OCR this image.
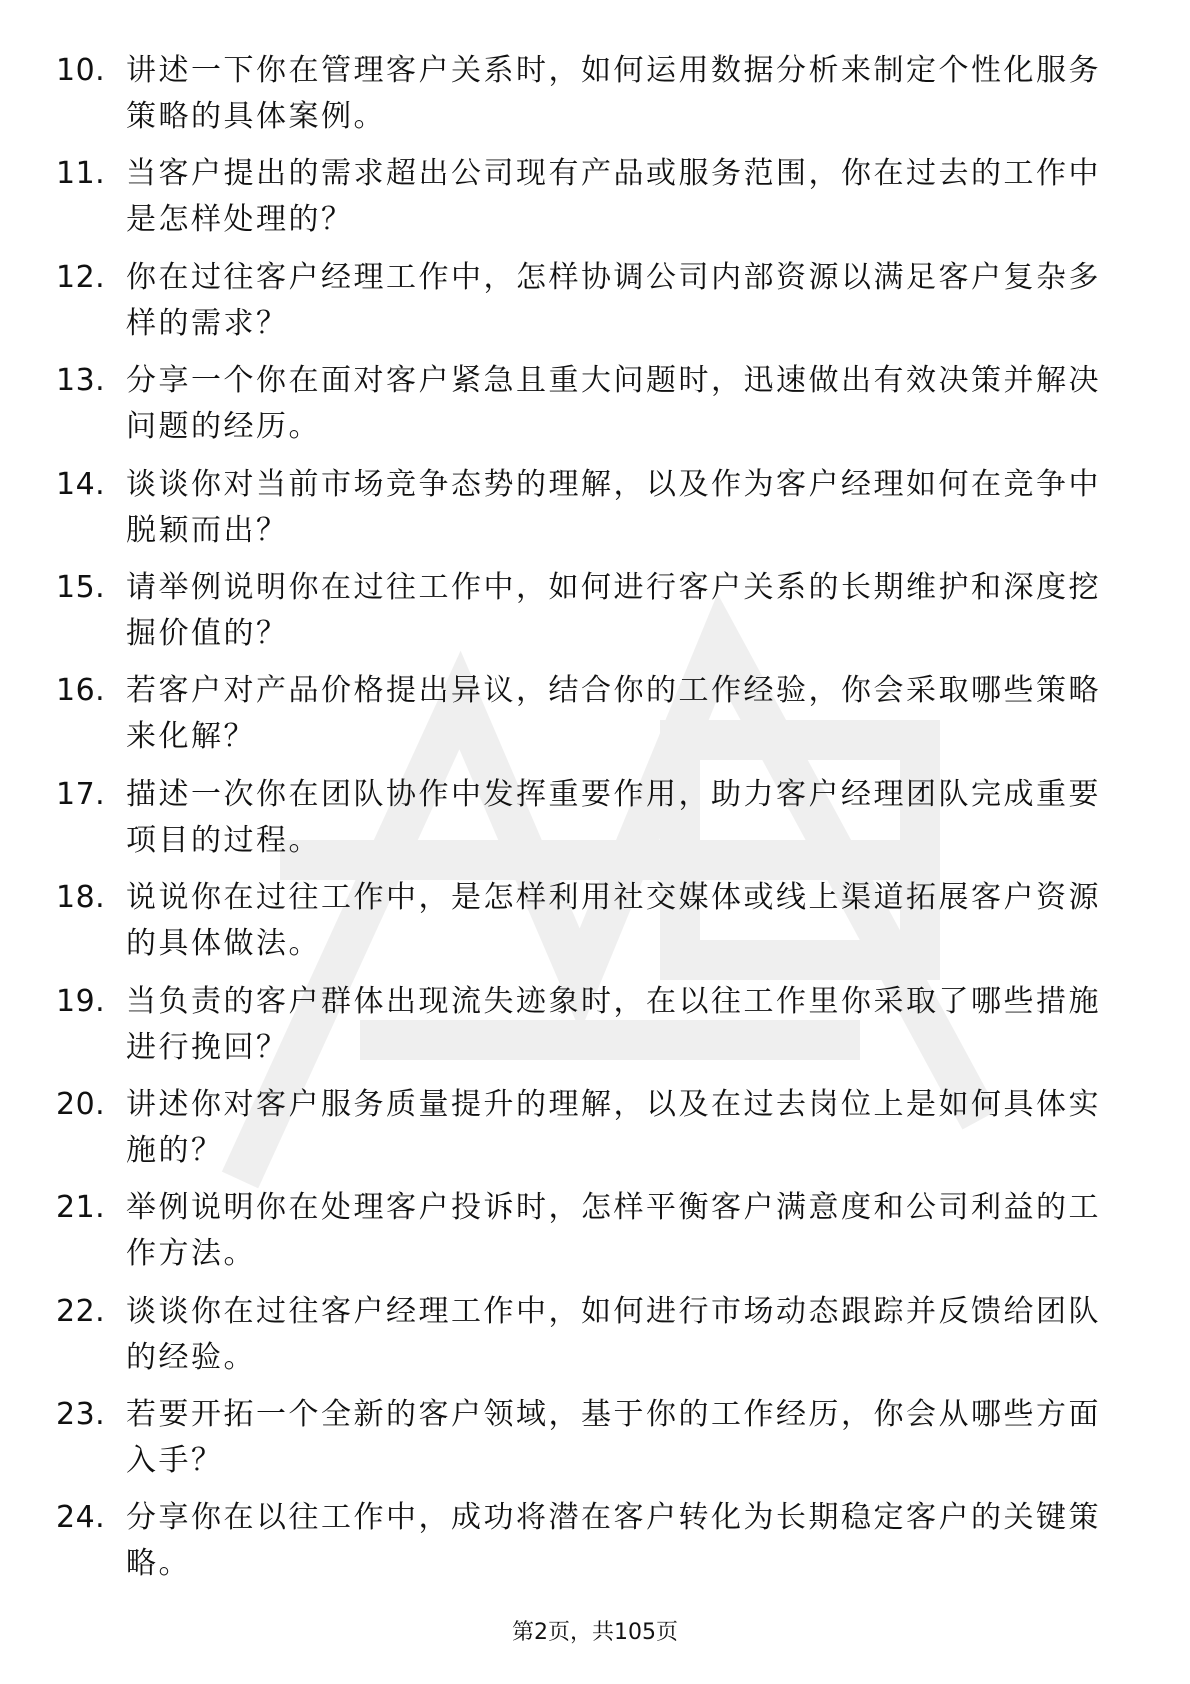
10. 讲述一下你在管理客户关系时，如何运用数据分析来制定个性化服务策略的具体案例。
11. 当客户提出的需求超出公司现有产品或服务范围，你在过去的工作中是怎样处理的？
12. 你在过往客户经理工作中，怎样协调公司内部资源以满足客户复杂多样的需求？
13. 分享一个你在面对客户紧急且重大问题时，迅速做出有效决策并解决问题的经历。
14. 谈谈你对当前市场竞争态势的理解，以及作为客户经理如何在竞争中脱颖而出？
15. 请举例说明你在过往工作中，如何进行客户关系的长期维护和深度挖掘价值的？
16. 若客户对产品价格提出异议，结合你的工作经验，你会采取哪些策略来化解？
17. 描述一次你在团队协作中发挥重要作用，助力客户经理团队完成重要项目的过程。
18. 说说你在过往工作中，是怎样利用社交媒体或线上渠道拓展客户资源的具体做法。
19. 当负责的客户群体出现流失迹象时，在以往工作里你采取了哪些措施进行挽回？
20. 讲述你对客户服务质量提升的理解，以及在过去岗位上是如何具体实施的？
21. 举例说明你在处理客户投诉时，怎样平衡客户满意度和公司利益的工作方法。
22. 谈谈你在过往客户经理工作中，如何进行市场动态跟踪并反馈给团队的经验。
23. 若要开拓一个全新的客户领域，基于你的工作经历，你会从哪些方面入手？
24. 分享你在以往工作中，成功将潜在客户转化为长期稳定客户的关键策略。
第2页，共105页
